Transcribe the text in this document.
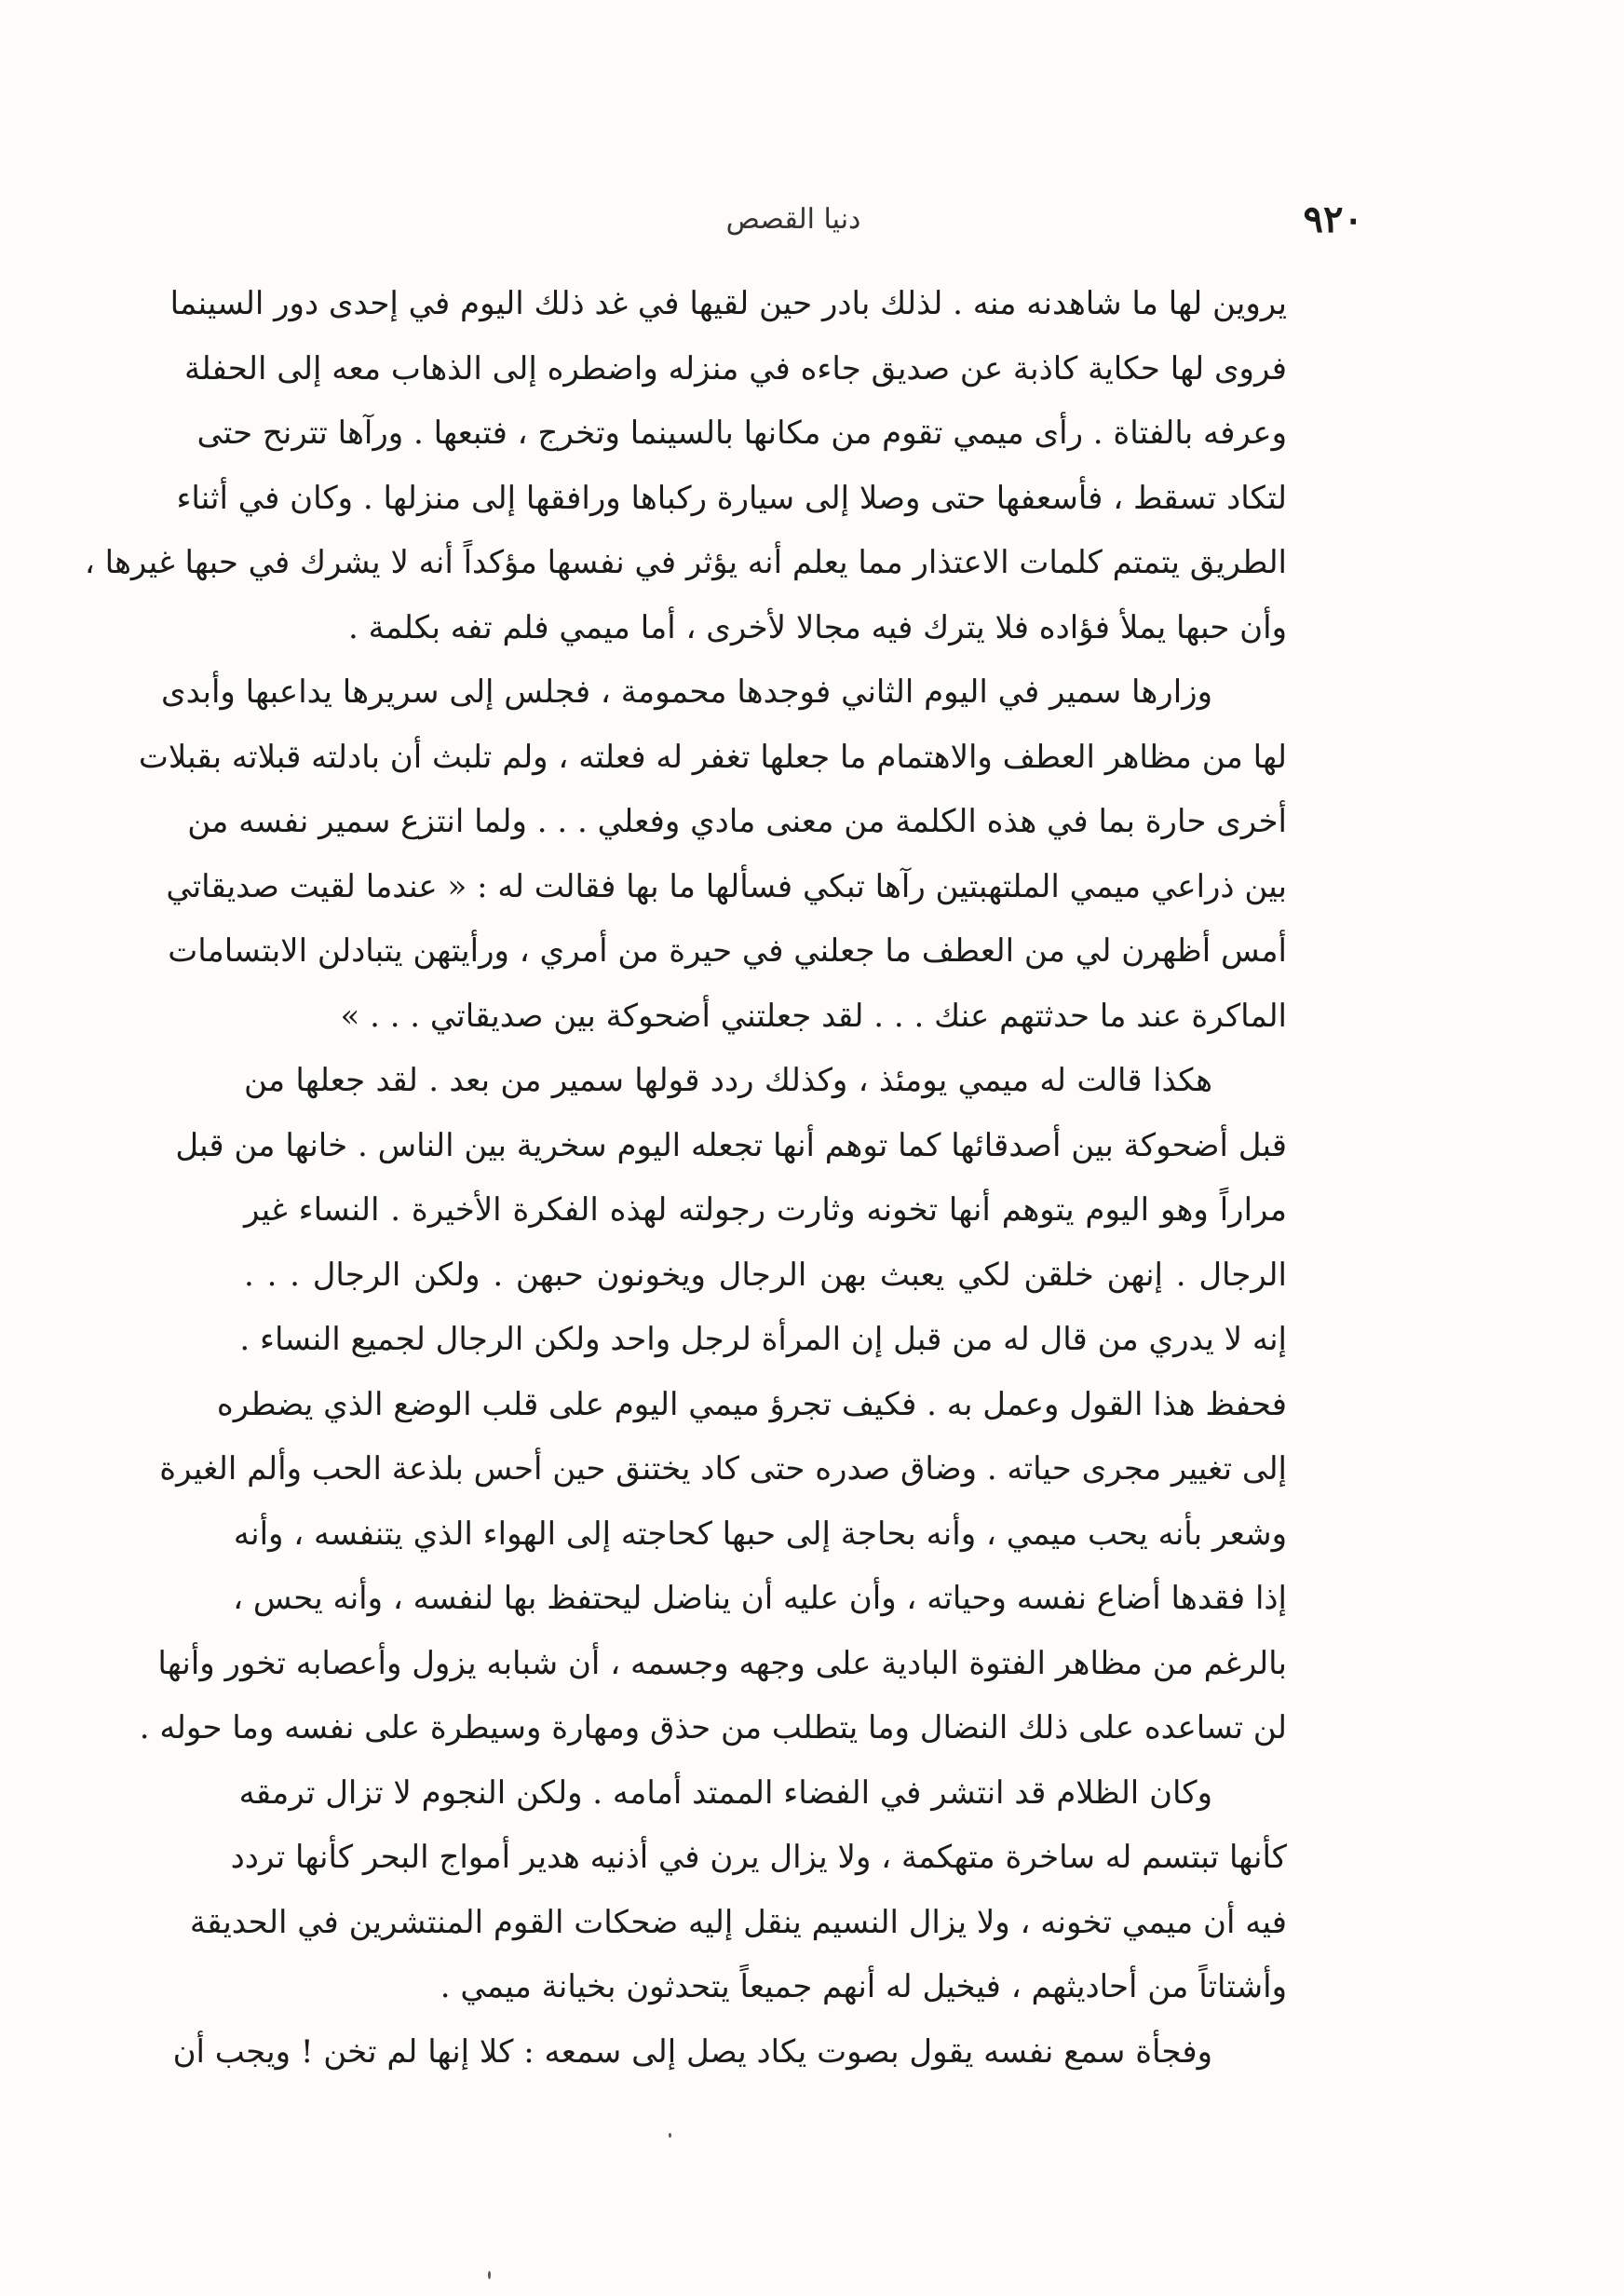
٩٢٠
دنيا القصص
يروين لها ما شاهدنه منه . لذلك بادر حين لقيها في غد ذلك اليوم في إحدى دور السينما
فروى لها حكاية كاذبة عن صديق جاءه في منزله واضطره إلى الذهاب معه إلى الحفلة
وعرفه بالفتاة . رأى ميمي تقوم من مكانها بالسينما وتخرج ، فتبعها . ورآها تترنح حتى
لتكاد تسقط ، فأسعفها حتى وصلا إلى سيارة ركباها ورافقها إلى منزلها . وكان في أثناء
الطريق يتمتم كلمات الاعتذار مما يعلم أنه يؤثر في نفسها مؤكداً أنه لا يشرك في حبها غيرها ،
وأن حبها يملأ فؤاده فلا يترك فيه مجالا لأخرى ، أما ميمي فلم تفه بكلمة .
وزارها سمير في اليوم الثاني فوجدها محمومة ، فجلس إلى سريرها يداعبها وأبدى
لها من مظاهر العطف والاهتمام ما جعلها تغفر له فعلته ، ولم تلبث أن بادلته قبلاته بقبلات
أخرى حارة بما في هذه الكلمة من معنى مادي وفعلي . . . ولما انتزع سمير نفسه من
بين ذراعي ميمي الملتهبتين رآها تبكي فسألها ما بها فقالت له : « عندما لقيت صديقاتي
أمس أظهرن لي من العطف ما جعلني في حيرة من أمري ، ورأيتهن يتبادلن الابتسامات
الماكرة عند ما حدثتهم عنك . . . لقد جعلتني أضحوكة بين صديقاتي . . . »
هكذا قالت له ميمي يومئذ ، وكذلك ردد قولها سمير من بعد . لقد جعلها من
قبل أضحوكة بين أصدقائها كما توهم أنها تجعله اليوم سخرية بين الناس . خانها من قبل
مراراً وهو اليوم يتوهم أنها تخونه وثارت رجولته لهذه الفكرة الأخيرة . النساء غير
الرجال . إنهن خلقن لكي يعبث بهن الرجال ويخونون حبهن . ولكن الرجال . . .
إنه لا يدري من قال له من قبل إن المرأة لرجل واحد ولكن الرجال لجميع النساء .
فحفظ هذا القول وعمل به . فكيف تجرؤ ميمي اليوم على قلب الوضع الذي يضطره
إلى تغيير مجرى حياته . وضاق صدره حتى كاد يختنق حين أحس بلذعة الحب وألم الغيرة
وشعر بأنه يحب ميمي ، وأنه بحاجة إلى حبها كحاجته إلى الهواء الذي يتنفسه ، وأنه
إذا فقدها أضاع نفسه وحياته ، وأن عليه أن يناضل ليحتفظ بها لنفسه ، وأنه يحس ،
بالرغم من مظاهر الفتوة البادية على وجهه وجسمه ، أن شبابه يزول وأعصابه تخور وأنها
لن تساعده على ذلك النضال وما يتطلب من حذق ومهارة وسيطرة على نفسه وما حوله .
وكان الظلام قد انتشر في الفضاء الممتد أمامه . ولكن النجوم لا تزال ترمقه
كأنها تبتسم له ساخرة متهكمة ، ولا يزال يرن في أذنيه هدير أمواج البحر كأنها تردد
فيه أن ميمي تخونه ، ولا يزال النسيم ينقل إليه ضحكات القوم المنتشرين في الحديقة
وأشتاتاً من أحاديثهم ، فيخيل له أنهم جميعاً يتحدثون بخيانة ميمي .
وفجأة سمع نفسه يقول بصوت يكاد يصل إلى سمعه : كلا إنها لم تخن ! ويجب أن
